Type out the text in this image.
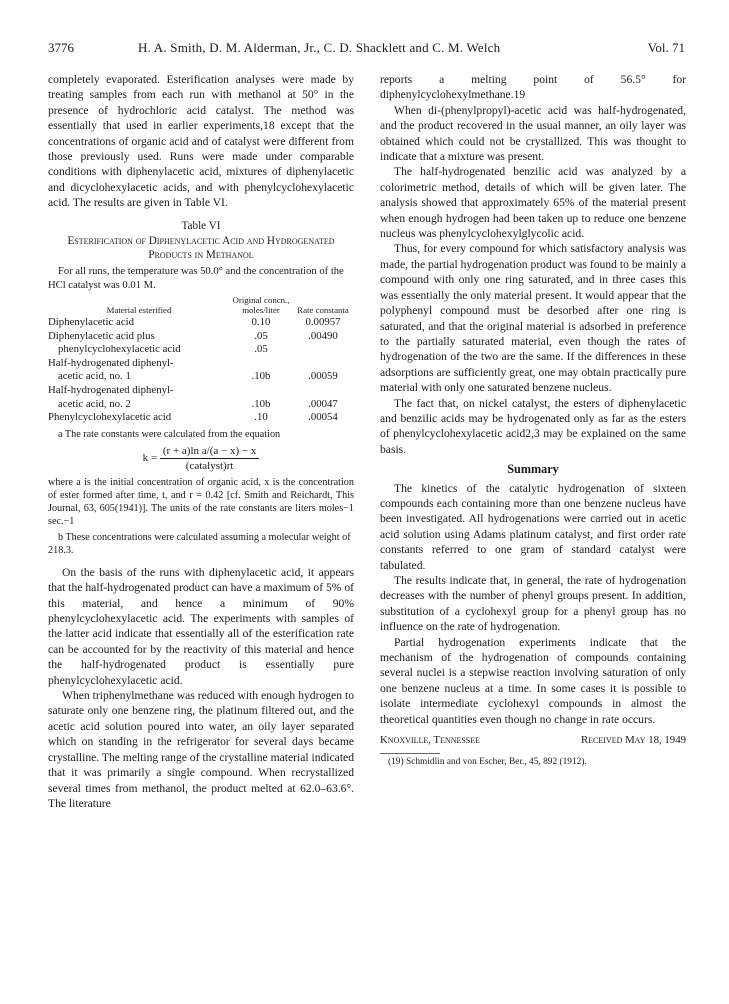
3776	H. A. Smith, D. M. Alderman, Jr., C. D. Shacklett and C. M. Welch	Vol. 71

completely evaporated. Esterification analyses were made by treating samples from each run with methanol at 50° in the presence of hydrochloric acid catalyst. The method was essentially that used in earlier experiments,18 except that the concentrations of organic acid and of catalyst were different from those previously used. Runs were made under comparable conditions with diphenylacetic acid, mixtures of diphenylacetic and dicyclohexylacetic acids, and with phenylcyclohexylacetic acid. The results are given in Table VI.

Table VI
Esterification of Diphenylacetic Acid and Hydrogenated Products in Methanol
For all runs, the temperature was 50.0° and the concentration of the HCl catalyst was 0.01 M.
Material esterified	Original concn., moles/liter	Rate constanta
Diphenylacetic acid	0.10	0.00957
Diphenylacetic acid plus	.05	.00490
phenylcyclohexylacetic acid	.05	
Half-hydrogenated diphenyl-		
acetic acid, no. 1	.10b	.00059
Half-hydrogenated diphenyl-		
acetic acid, no. 2	.10b	.00047
Phenylcyclohexylacetic acid	.10	.00054
a The rate constants were calculated from the equation
$k = \frac{\text{(r + a)ln a/(a − x) − x}}{\text{(catalyst)rt}}$
where a is the initial concentration of organic acid, x is the concentration of ester formed after time, t, and r = 0.42 [cf. Smith and Reichardt, This Journal, 63, 605(1941)]. The units of the rate constants are liters moles−1 sec.−1
b These concentrations were calculated assuming a molecular weight of 218.3.

On the basis of the runs with diphenylacetic acid, it appears that the half-hydrogenated product can have a maximum of 5% of this material, and hence a minimum of 90% phenylcyclohexylacetic acid. The experiments with samples of the latter acid indicate that essentially all of the esterification rate can be accounted for by the reactivity of this material and hence the half-hydrogenated product is essentially pure phenylcyclohexylacetic acid.

When triphenylmethane was reduced with enough hydrogen to saturate only one benzene ring, the platinum filtered out, and the acetic acid solution poured into water, an oily layer separated which on standing in the refrigerator for several days became crystalline. The melting range of the crystalline material indicated that it was primarily a single compound. When recrystallized several times from methanol, the product melted at 62.0–63.6°. The literature

reports a melting point of 56.5° for diphenylcyclohexylmethane.19

When di-(phenylpropyl)-acetic acid was half-hydrogenated, and the product recovered in the usual manner, an oily layer was obtained which could not be crystallized. This was thought to indicate that a mixture was present.

The half-hydrogenated benzilic acid was analyzed by a colorimetric method, details of which will be given later. The analysis showed that approximately 65% of the material present when enough hydrogen had been taken up to reduce one benzene nucleus was phenylcyclohexylglycolic acid.

Thus, for every compound for which satisfactory analysis was made, the partial hydrogenation product was found to be mainly a compound with only one ring saturated, and in three cases this was essentially the only material present. It would appear that the polyphenyl compound must be desorbed after one ring is saturated, and that the original material is adsorbed in preference to the partially saturated material, even though the rates of hydrogenation of the two are the same. If the differences in these adsorptions are sufficiently great, one may obtain practically pure material with only one saturated benzene nucleus.

The fact that, on nickel catalyst, the esters of diphenylacetic and benzilic acids may be hydrogenated only as far as the esters of phenylcyclohexylacetic acid2,3 may be explained on the same basis.

Summary

The kinetics of the catalytic hydrogenation of sixteen compounds each containing more than one benzene nucleus have been investigated. All hydrogenations were carried out in acetic acid solution using Adams platinum catalyst, and first order rate constants referred to one gram of standard catalyst were tabulated.

The results indicate that, in general, the rate of hydrogenation decreases with the number of phenyl groups present. In addition, substitution of a cyclohexyl group for a phenyl group has no influence on the rate of hydrogenation.

Partial hydrogenation experiments indicate that the mechanism of the hydrogenation of compounds containing several nuclei is a stepwise reaction involving saturation of only one benzene nucleus at a time. In some cases it is possible to isolate intermediate cyclohexyl compounds in almost the theoretical quantities even though no change in rate occurs.

Knoxville, Tennessee	Received May 18, 1949
(19) Schmidlin and von Escher, Ber., 45, 892 (1912).
